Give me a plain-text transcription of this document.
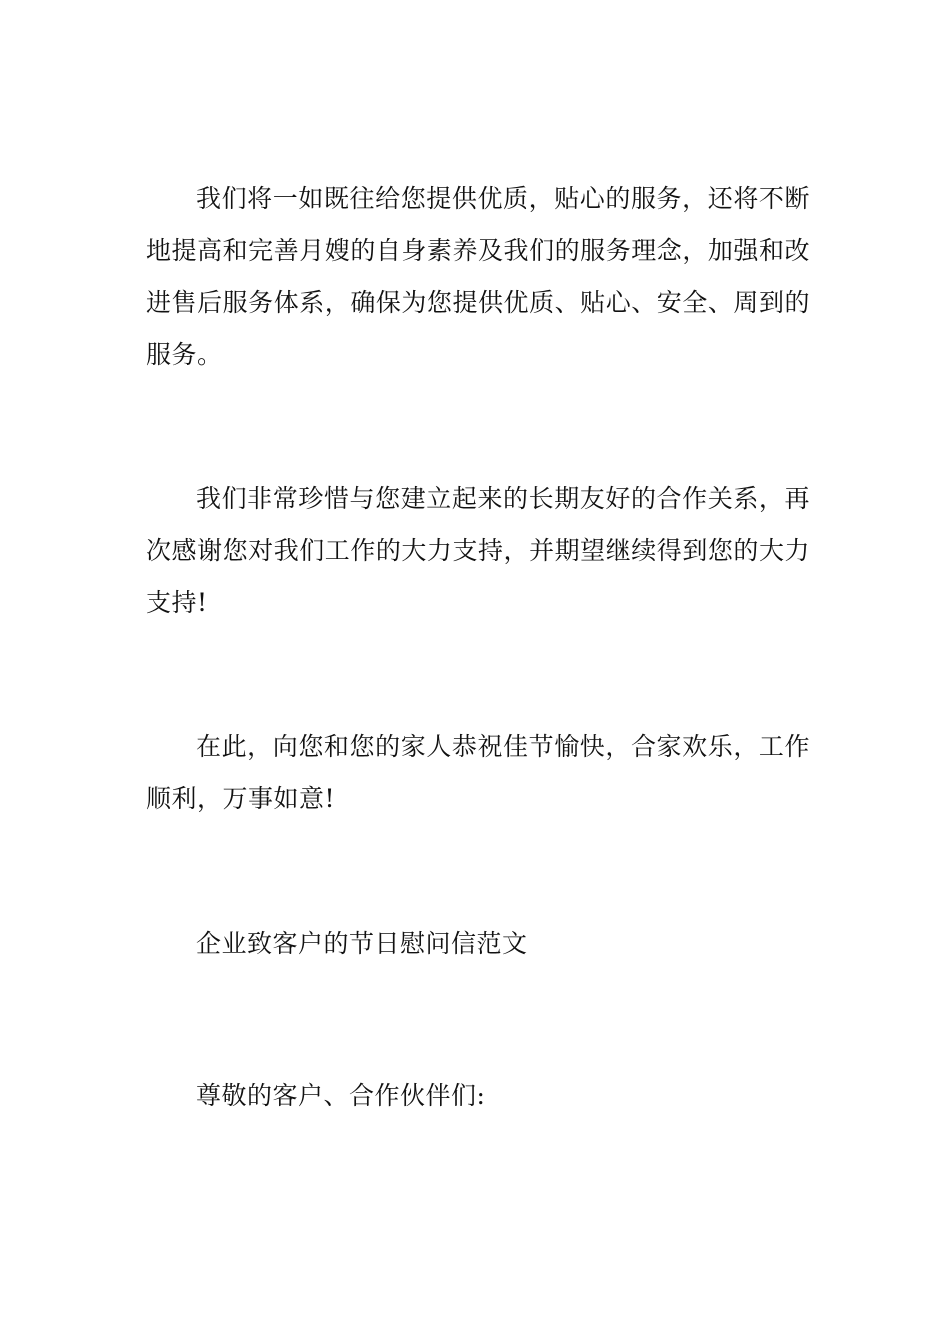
我们将一如既往给您提供优质，贴心的服务，还将不断地提高和完善月嫂的自身素养及我们的服务理念，加强和改进售后服务体系，确保为您提供优质、贴心、安全、周到的服务。

我们非常珍惜与您建立起来的长期友好的合作关系，再次感谢您对我们工作的大力支持，并期望继续得到您的大力支持!

在此，向您和您的家人恭祝佳节愉快，合家欢乐，工作顺利，万事如意!

企业致客户的节日慰问信范文

尊敬的客户、合作伙伴们:
